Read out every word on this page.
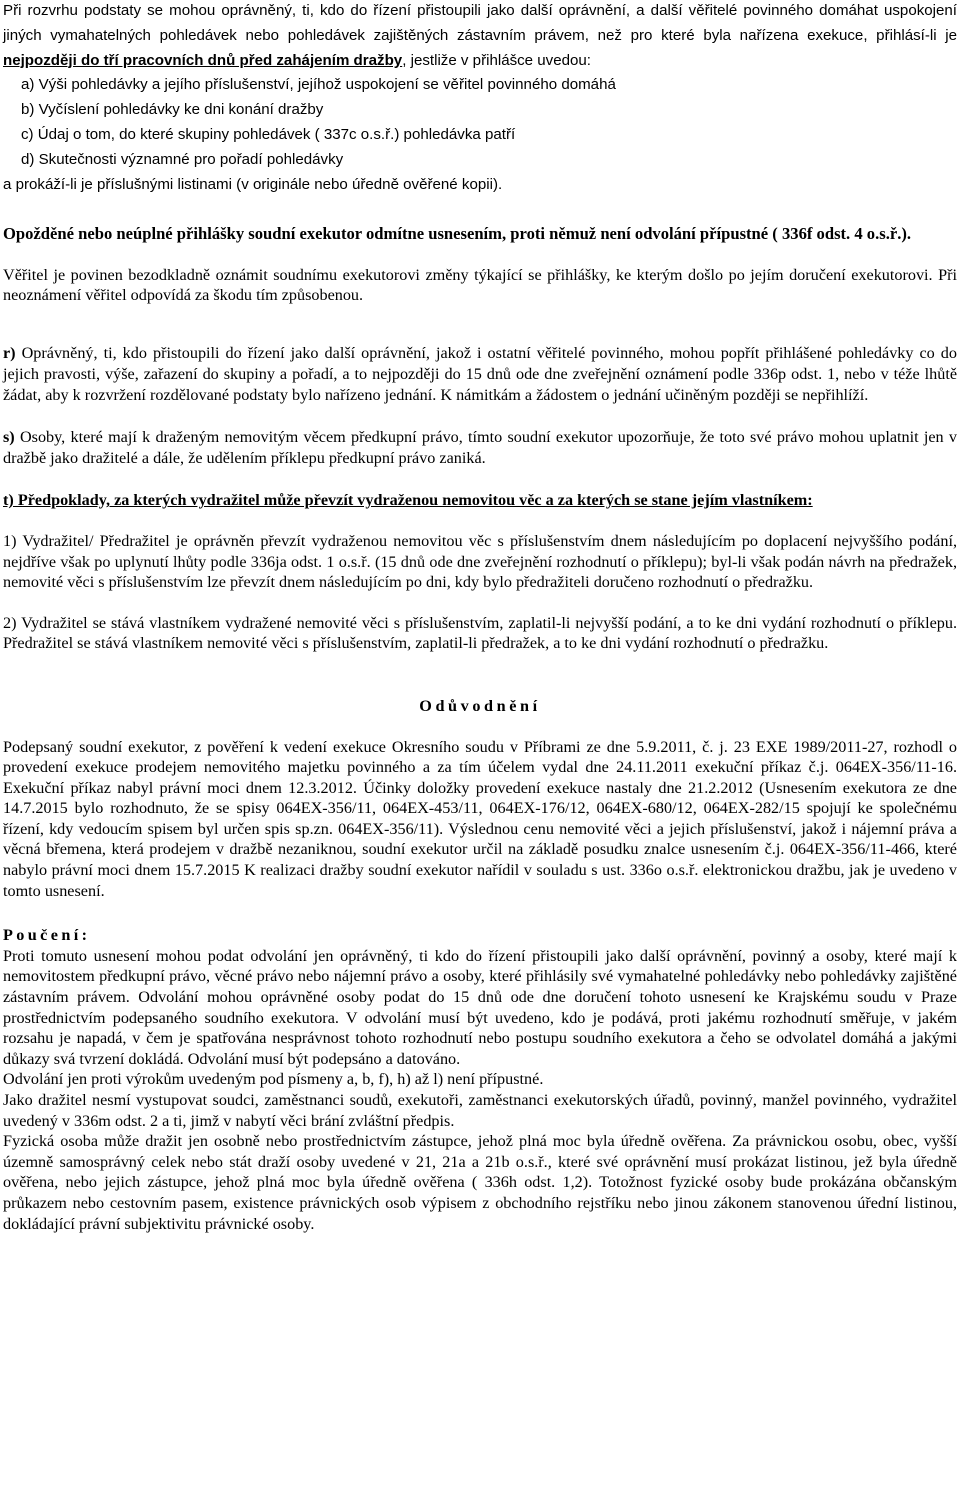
Při rozvrhu podstaty se mohou oprávněný, ti, kdo do řízení přistoupili jako další oprávnění, a další věřitelé povinného domáhat uspokojení jiných vymahatelných pohledávek nebo pohledávek zajištěných zástavním právem, než pro které byla nařízena exekuce, přihlásí-li je nejpozději do tří pracovních dnů před zahájením dražby, jestliže v přihlášce uvedou:

a) Výši pohledávky a jejího příslušenství, jejíhož uspokojení se věřitel povinného domáhá

b) Vyčíslení pohledávky ke dni konání dražby

c) Údaj o tom, do které skupiny pohledávek ( 337c o.s.ř.) pohledávka patří

d) Skutečnosti významné pro pořadí pohledávky

a prokáží-li je příslušnými listinami (v originále nebo úředně ověřené kopii).

Opožděné nebo neúplné přihlášky soudní exekutor odmítne usnesením, proti němuž není odvolání přípustné ( 336f odst. 4 o.s.ř.).

Věřitel je povinen bezodkladně oznámit soudnímu exekutorovi změny týkající se přihlášky, ke kterým došlo po jejím doručení exekutorovi. Při neoznámení věřitel odpovídá za škodu tím způsobenou.

r) Oprávněný, ti, kdo přistoupili do řízení jako další oprávnění, jakož i ostatní věřitelé povinného, mohou popřít přihlášené pohledávky co do jejich pravosti, výše, zařazení do skupiny a pořadí, a to nejpozději do 15 dnů ode dne zveřejnění oznámení podle 336p odst. 1, nebo v téže lhůtě žádat, aby k rozvržení rozdělované podstaty bylo nařízeno jednání. K námitkám a žádostem o jednání učiněným později se nepřihlíží.

s) Osoby, které mají k draženým nemovitým věcem předkupní právo, tímto soudní exekutor upozorňuje, že toto své právo mohou uplatnit jen v dražbě jako dražitelé a dále, že udělením příklepu předkupní právo zaniká.

t) Předpoklady, za kterých vydražitel může převzít vydraženou nemovitou věc a za kterých se stane jejím vlastníkem:

1) Vydražitel/ Předražitel je oprávněn převzít vydraženou nemovitou věc s příslušenstvím dnem následujícím po doplacení nejvyššího podání, nejdříve však po uplynutí lhůty podle 336ja odst. 1 o.s.ř. (15 dnů ode dne zveřejnění rozhodnutí o příklepu); byl-li však podán návrh na předražek, nemovité věci s příslušenstvím lze převzít dnem následujícím po dni, kdy bylo předražiteli doručeno rozhodnutí o předražku.

2) Vydražitel se stává vlastníkem vydražené nemovité věci s příslušenstvím, zaplatil-li nejvyšší podání, a to ke dni vydání rozhodnutí o příklepu. Předražitel se stává vlastníkem nemovité věci s příslušenstvím, zaplatil-li předražek, a to ke dni vydání rozhodnutí o předražku.

Odůvodnění

Podepsaný soudní exekutor, z pověření k vedení exekuce Okresního soudu v Příbrami ze dne 5.9.2011, č. j. 23 EXE 1989/2011-27, rozhodl o provedení exekuce prodejem nemovitého majetku povinného a za tím účelem vydal dne 24.11.2011 exekuční příkaz č.j. 064EX-356/11-16. Exekuční příkaz nabyl právní moci dnem 12.3.2012. Účinky doložky provedení exekuce nastaly dne 21.2.2012 (Usnesením exekutora ze dne 14.7.2015 bylo rozhodnuto, že se spisy 064EX-356/11, 064EX-453/11, 064EX-176/12, 064EX-680/12, 064EX-282/15 spojují ke společnému řízení, kdy vedoucím spisem byl určen spis sp.zn. 064EX-356/11). Výslednou cenu nemovité věci a jejich příslušenství, jakož i nájemní práva a věcná břemena, která prodejem v dražbě nezaniknou, soudní exekutor určil na základě posudku znalce usnesením č.j. 064EX-356/11-466, které nabylo právní moci dnem 15.7.2015 K realizaci dražby soudní exekutor nařídil v souladu s ust. 336o o.s.ř. elektronickou dražbu, jak je uvedeno v tomto usnesení.

Poučení:

Proti tomuto usnesení mohou podat odvolání jen oprávněný, ti kdo do řízení přistoupili jako další oprávnění, povinný a osoby, které mají k nemovitostem předkupní právo, věcné právo nebo nájemní právo a osoby, které přihlásily své vymahatelné pohledávky nebo pohledávky zajištěné zástavním právem. Odvolání mohou oprávněné osoby podat do 15 dnů ode dne doručení tohoto usnesení ke Krajskému soudu v Praze prostřednictvím podepsaného soudního exekutora. V odvolání musí být uvedeno, kdo je podává, proti jakému rozhodnutí směřuje, v jakém rozsahu je napadá, v čem je spatřována nesprávnost tohoto rozhodnutí nebo postupu soudního exekutora a čeho se odvolatel domáhá a jakými důkazy svá tvrzení dokládá. Odvolání musí být podepsáno a datováno.

Odvolání jen proti výrokům uvedeným pod písmeny a, b, f), h) až l) není přípustné.

Jako dražitel nesmí vystupovat soudci, zaměstnanci soudů, exekutoři, zaměstnanci exekutorských úřadů, povinný, manžel povinného, vydražitel uvedený v 336m odst. 2 a ti, jimž v nabytí věci brání zvláštní předpis.

Fyzická osoba může dražit jen osobně nebo prostřednictvím zástupce, jehož plná moc byla úředně ověřena. Za právnickou osobu, obec, vyšší územně samosprávný celek nebo stát draží osoby uvedené v 21, 21a a 21b o.s.ř., které své oprávnění musí prokázat listinou, jež byla úředně ověřena, nebo jejich zástupce, jehož plná moc byla úředně ověřena ( 336h odst. 1,2). Totožnost fyzické osoby bude prokázána občanským průkazem nebo cestovním pasem, existence právnických osob výpisem z obchodního rejstříku nebo jinou zákonem stanovenou úřední listinou, dokládající právní subjektivitu právnické osoby.
